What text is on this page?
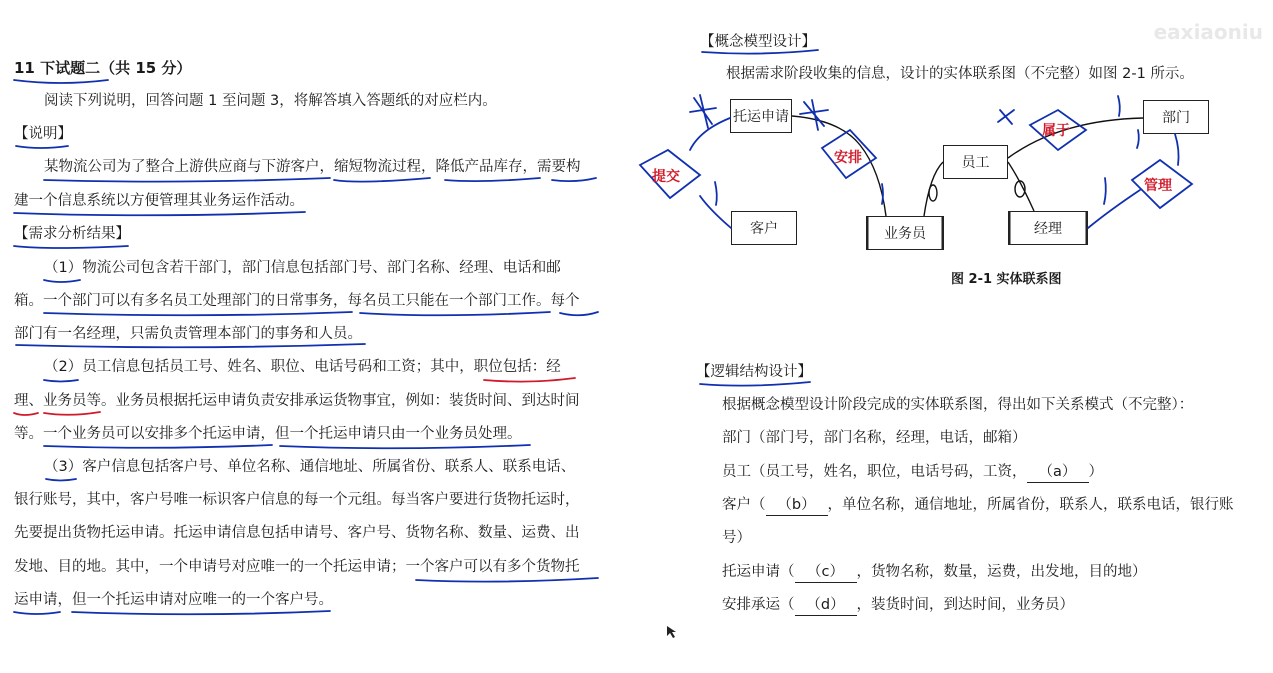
11 下试题二（共 15 分）
阅读下列说明，回答问题 1 至问题 3，将解答填入答题纸的对应栏内。
【说明】
某物流公司为了整合上游供应商与下游客户，缩短物流过程，降低产品库存，需要构
建一个信息系统以方便管理其业务运作活动。
【需求分析结果】
（1）物流公司包含若干部门，部门信息包括部门号、部门名称、经理、电话和邮
箱。一个部门可以有多名员工处理部门的日常事务，每名员工只能在一个部门工作。每个
部门有一名经理，只需负责管理本部门的事务和人员。
（2）员工信息包括员工号、姓名、职位、电话号码和工资；其中，职位包括：经
理、业务员等。业务员根据托运申请负责安排承运货物事宜，例如：装货时间、到达时间
等。一个业务员可以安排多个托运申请，但一个托运申请只由一个业务员处理。
（3）客户信息包括客户号、单位名称、通信地址、所属省份、联系人、联系电话、
银行账号，其中，客户号唯一标识客户信息的每一个元组。每当客户要进行货物托运时，
先要提出货物托运申请。托运申请信息包括申请号、客户号、货物名称、数量、运费、出
发地、目的地。其中，一个申请号对应唯一的一个托运申请；一个客户可以有多个货物托
运申请，但一个托运申请对应唯一的一个客户号。
【概念模型设计】
根据需求阶段收集的信息，设计的实体联系图（不完整）如图 2-1 所示。
图 2-1 实体联系图
【逻辑结构设计】
根据概念模型设计阶段完成的实体联系图，得出如下关系模式（不完整）：
部门（部门号，部门名称，经理，电话，邮箱）
员工（员工号，姓名，职位，电话号码，工资， （a） ）
客户（ （b） ，单位名称，通信地址，所属省份，联系人，联系电话，银行账
号）
托运申请（ （c） ，货物名称，数量，运费，出发地，目的地）
安排承运（ （d） ，装货时间，到达时间，业务员）
托运申请
客户	业务员
员工
经理
部门
提交
安排
属于
管理
eaxiaoniu
